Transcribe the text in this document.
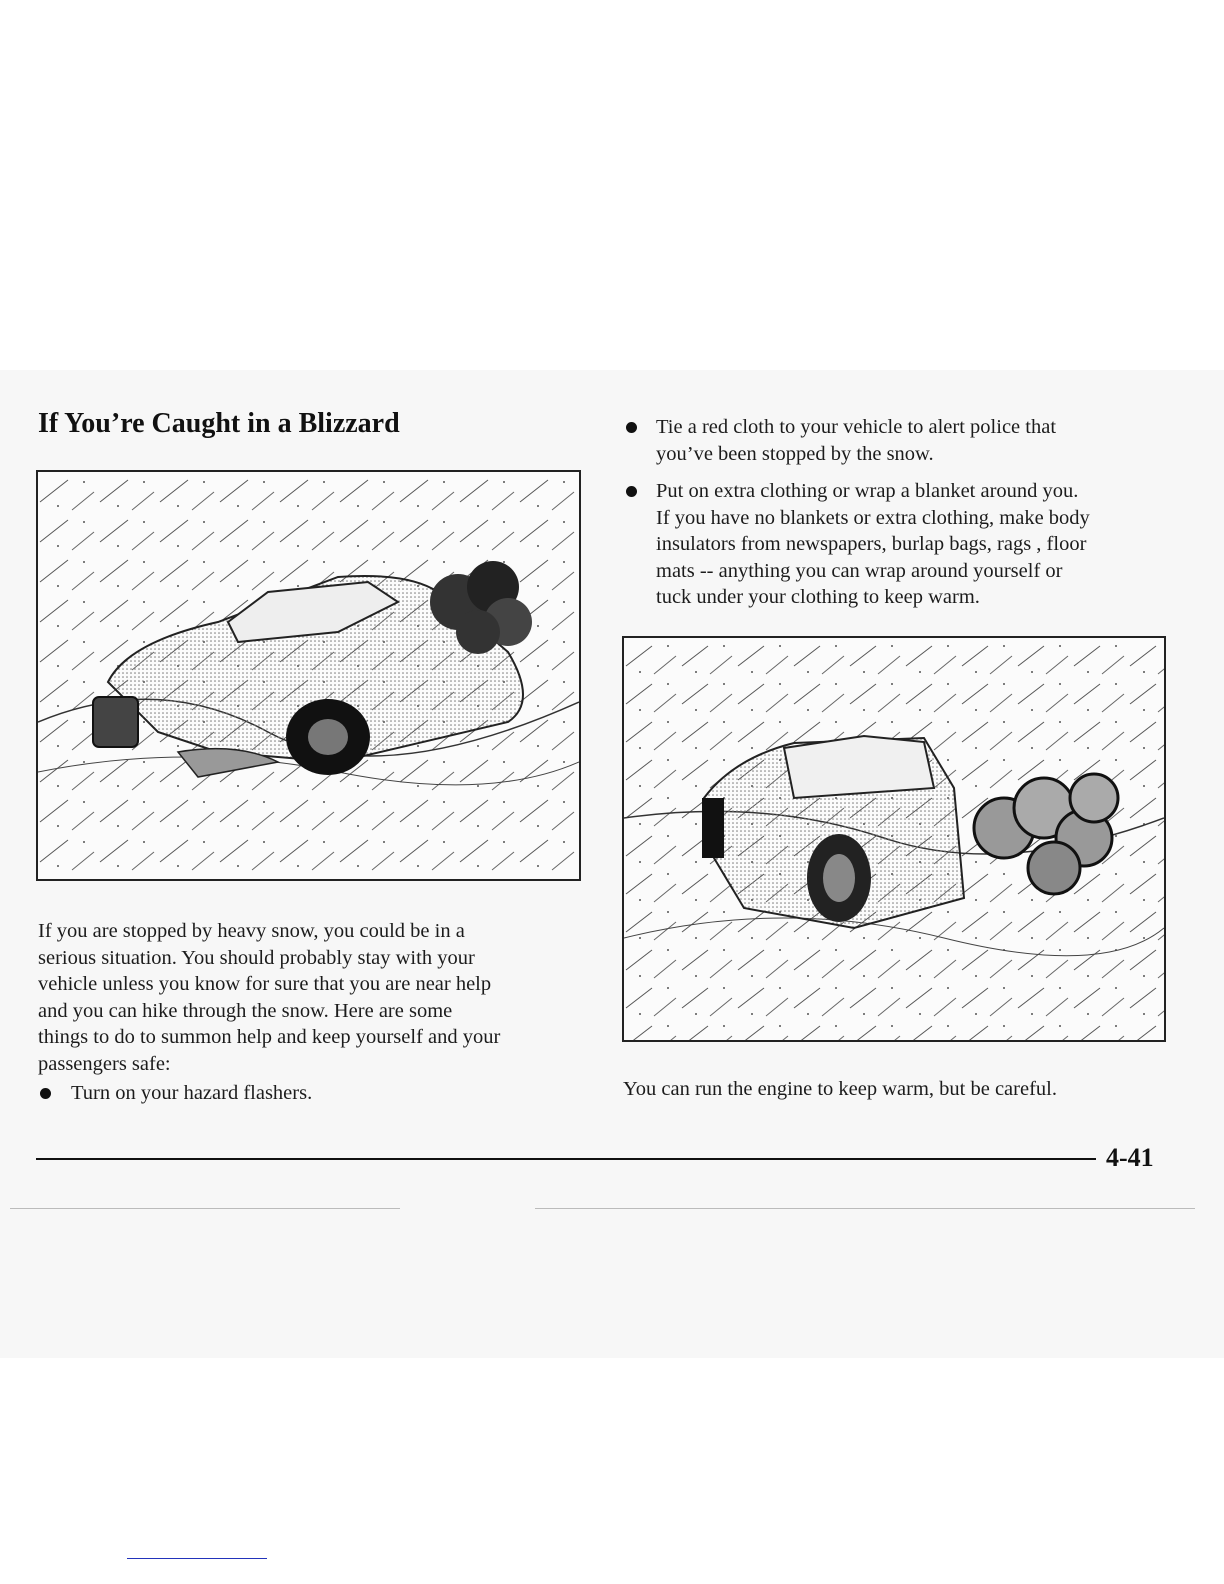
If You’re Caught in a Blizzard
If you are stopped by heavy snow, you could be in a
serious situation. You should probably stay with your
vehicle unless you know for sure that you are near help
and you can hike through the snow. Here are some
things to do to summon help and keep yourself and your
passengers safe:
Turn on your hazard flashers.
Tie a red cloth to your vehicle to alert police that
you’ve been stopped by the snow.
Put on extra clothing or wrap a blanket around you.
If you have no blankets or extra clothing, make body
insulators from newspapers, burlap bags, rags , floor
mats -- anything you can wrap around yourself or
tuck under your clothing to keep warm.
You can run the engine to keep warm, but be careful.
4-41
